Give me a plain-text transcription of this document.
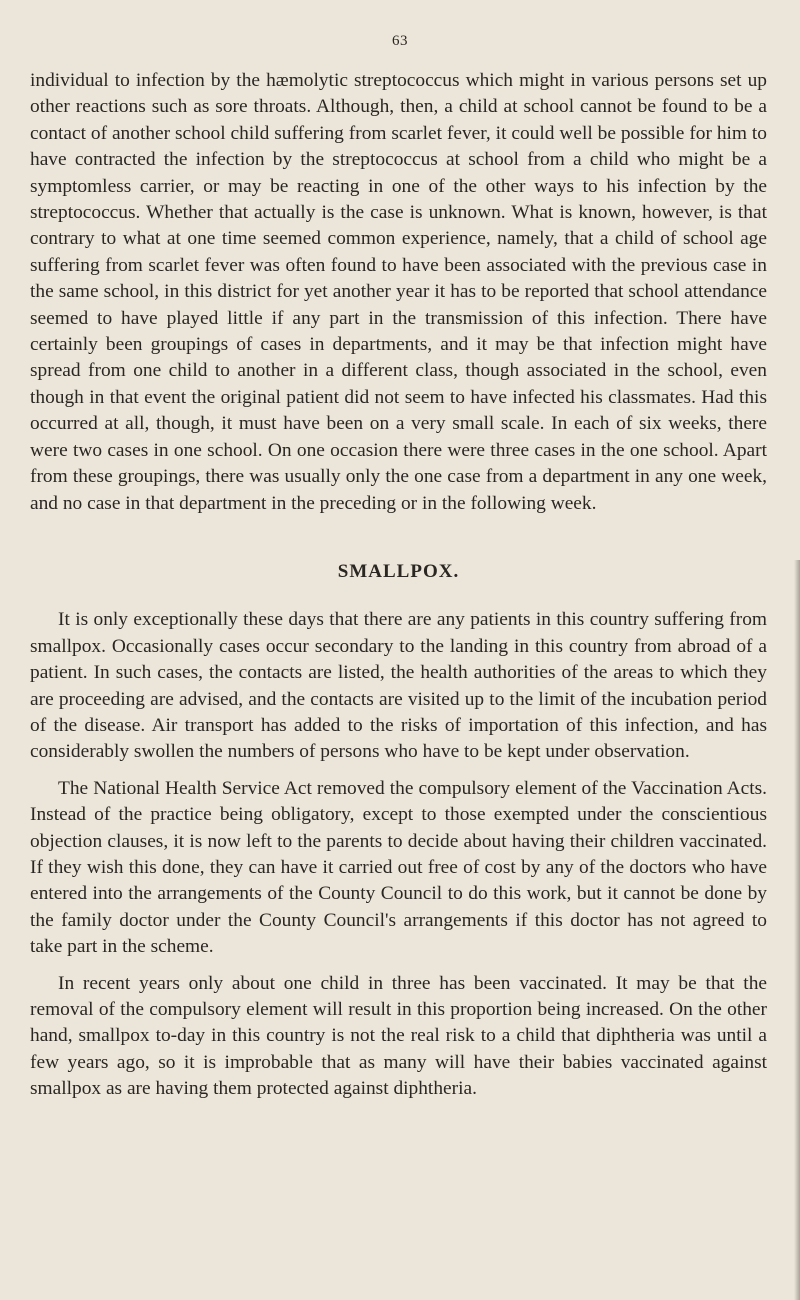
63

individual to infection by the hæmolytic streptococcus which might in various persons set up other reactions such as sore throats. Although, then, a child at school cannot be found to be a contact of another school child suffering from scarlet fever, it could well be possible for him to have contracted the infection by the streptococcus at school from a child who might be a symptomless carrier, or may be reacting in one of the other ways to his infection by the streptococcus. Whether that actually is the case is unknown. What is known, however, is that contrary to what at one time seemed common experience, namely, that a child of school age suffering from scarlet fever was often found to have been associated with the previous case in the same school, in this district for yet another year it has to be reported that school attendance seemed to have played little if any part in the transmission of this infection. There have certainly been groupings of cases in departments, and it may be that infection might have spread from one child to another in a different class, though associated in the school, even though in that event the original patient did not seem to have infected his classmates. Had this occurred at all, though, it must have been on a very small scale. In each of six weeks, there were two cases in one school. On one occasion there were three cases in the one school. Apart from these groupings, there was usually only the one case from a department in any one week, and no case in that department in the preceding or in the following week.

SMALLPOX.

It is only exceptionally these days that there are any patients in this country suffering from smallpox. Occasionally cases occur secondary to the landing in this country from abroad of a patient. In such cases, the contacts are listed, the health authorities of the areas to which they are proceeding are advised, and the contacts are visited up to the limit of the incubation period of the disease. Air transport has added to the risks of importation of this infection, and has considerably swollen the numbers of persons who have to be kept under observation.

The National Health Service Act removed the compulsory element of the Vaccination Acts. Instead of the practice being obligatory, except to those exempted under the conscientious objection clauses, it is now left to the parents to decide about having their children vaccinated. If they wish this done, they can have it carried out free of cost by any of the doctors who have entered into the arrangements of the County Council to do this work, but it cannot be done by the family doctor under the County Council's arrangements if this doctor has not agreed to take part in the scheme.

In recent years only about one child in three has been vaccinated. It may be that the removal of the compulsory element will result in this proportion being increased. On the other hand, smallpox to-day in this country is not the real risk to a child that diphtheria was until a few years ago, so it is improbable that as many will have their babies vaccinated against smallpox as are having them protected against diphtheria.
